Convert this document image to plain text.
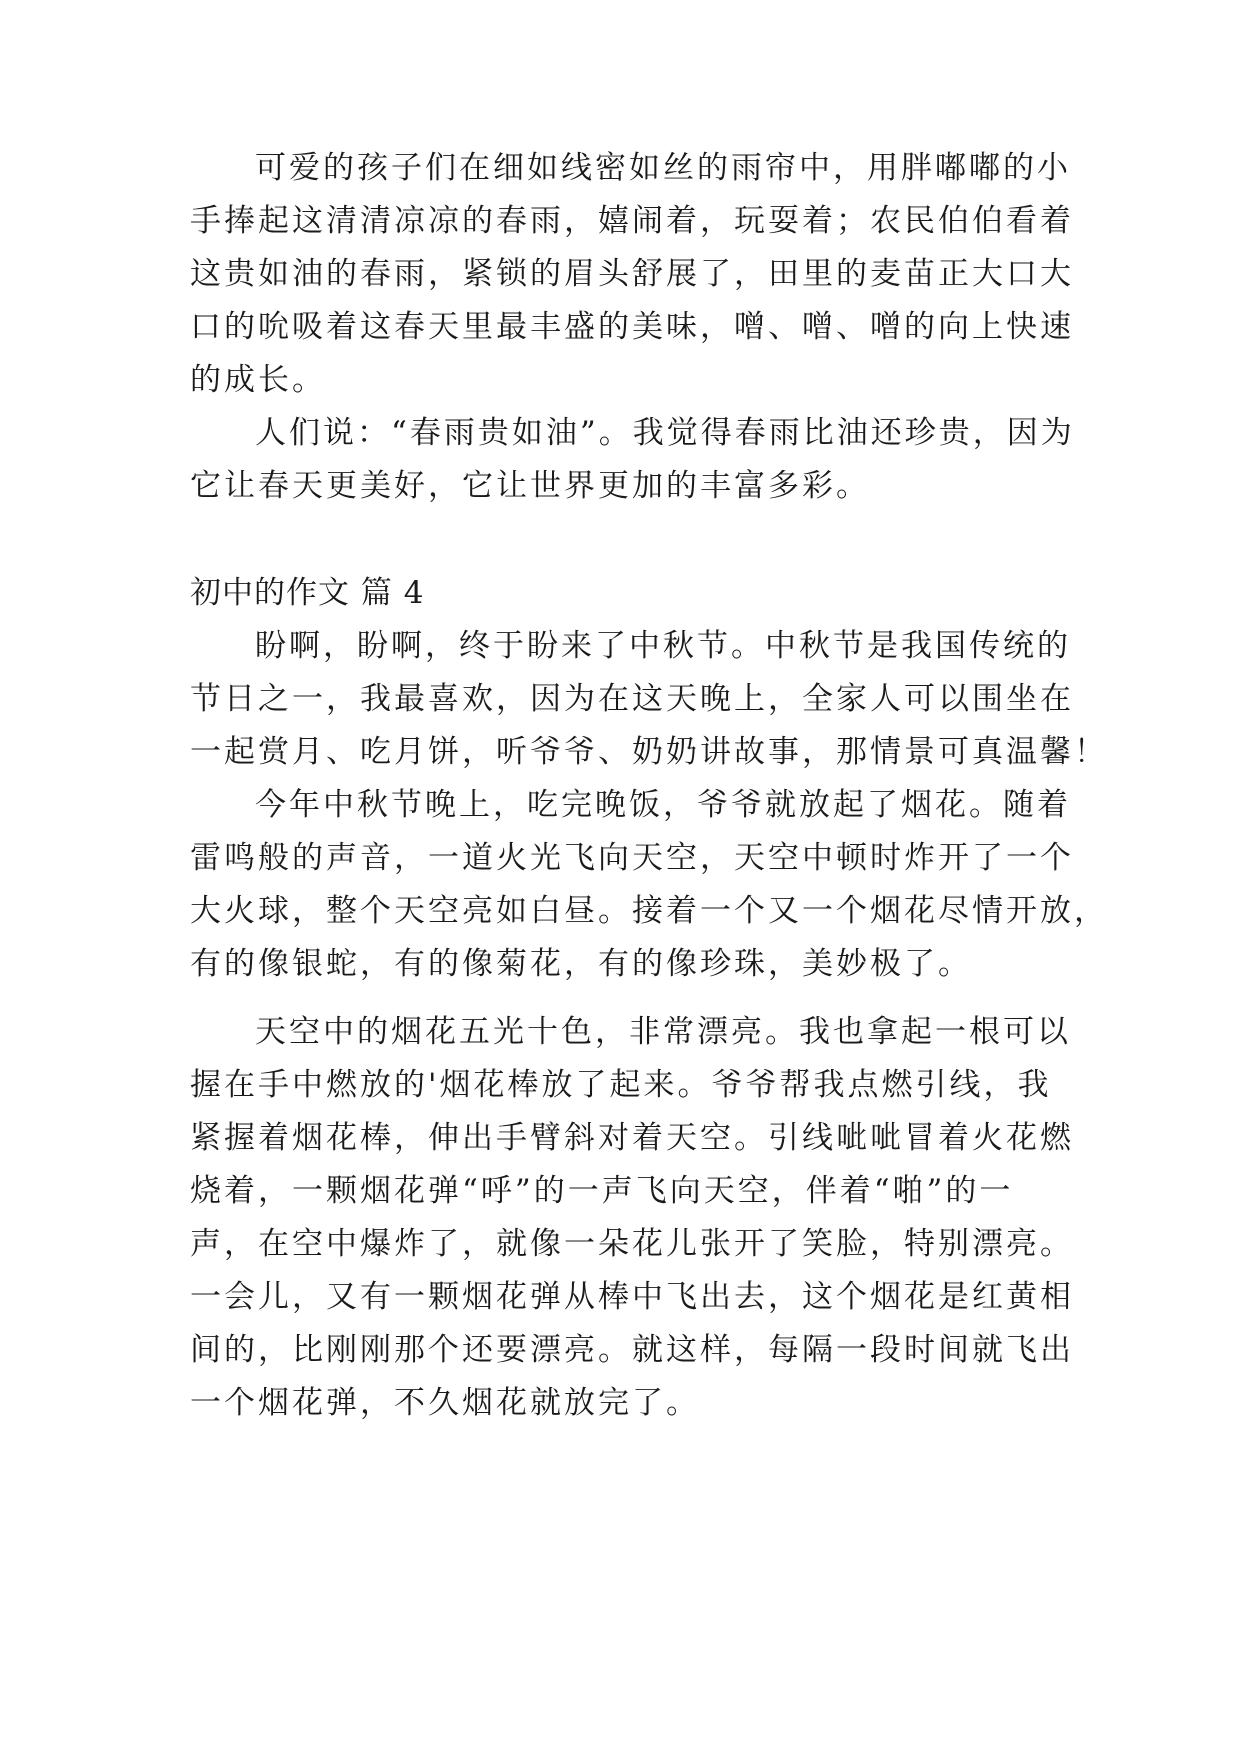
可爱的孩子们在细如线密如丝的雨帘中，用胖嘟嘟的小

手捧起这清清凉凉的春雨，嬉闹着，玩耍着；农民伯伯看着

这贵如油的春雨，紧锁的眉头舒展了，田里的麦苗正大口大

口的吮吸着这春天里最丰盛的美味，噌、噌、噌的向上快速

的成长。

人们说：“春雨贵如油”。我觉得春雨比油还珍贵，因为

它让春天更美好，它让世界更加的丰富多彩。

初中的作文 篇 4

盼啊，盼啊，终于盼来了中秋节。中秋节是我国传统的

节日之一，我最喜欢，因为在这天晚上，全家人可以围坐在

一起赏月、吃月饼，听爷爷、奶奶讲故事，那情景可真温馨！

今年中秋节晚上，吃完晚饭，爷爷就放起了烟花。随着

雷鸣般的声音，一道火光飞向天空，天空中顿时炸开了一个

大火球，整个天空亮如白昼。接着一个又一个烟花尽情开放，

有的像银蛇，有的像菊花，有的像珍珠，美妙极了。

天空中的烟花五光十色，非常漂亮。我也拿起一根可以

握在手中燃放的'烟花棒放了起来。爷爷帮我点燃引线，我

紧握着烟花棒，伸出手臂斜对着天空。引线呲呲冒着火花燃

烧着，一颗烟花弹“呼”的一声飞向天空，伴着“啪”的一

声，在空中爆炸了，就像一朵花儿张开了笑脸，特别漂亮。

一会儿，又有一颗烟花弹从棒中飞出去，这个烟花是红黄相

间的，比刚刚那个还要漂亮。就这样，每隔一段时间就飞出

一个烟花弹，不久烟花就放完了。
